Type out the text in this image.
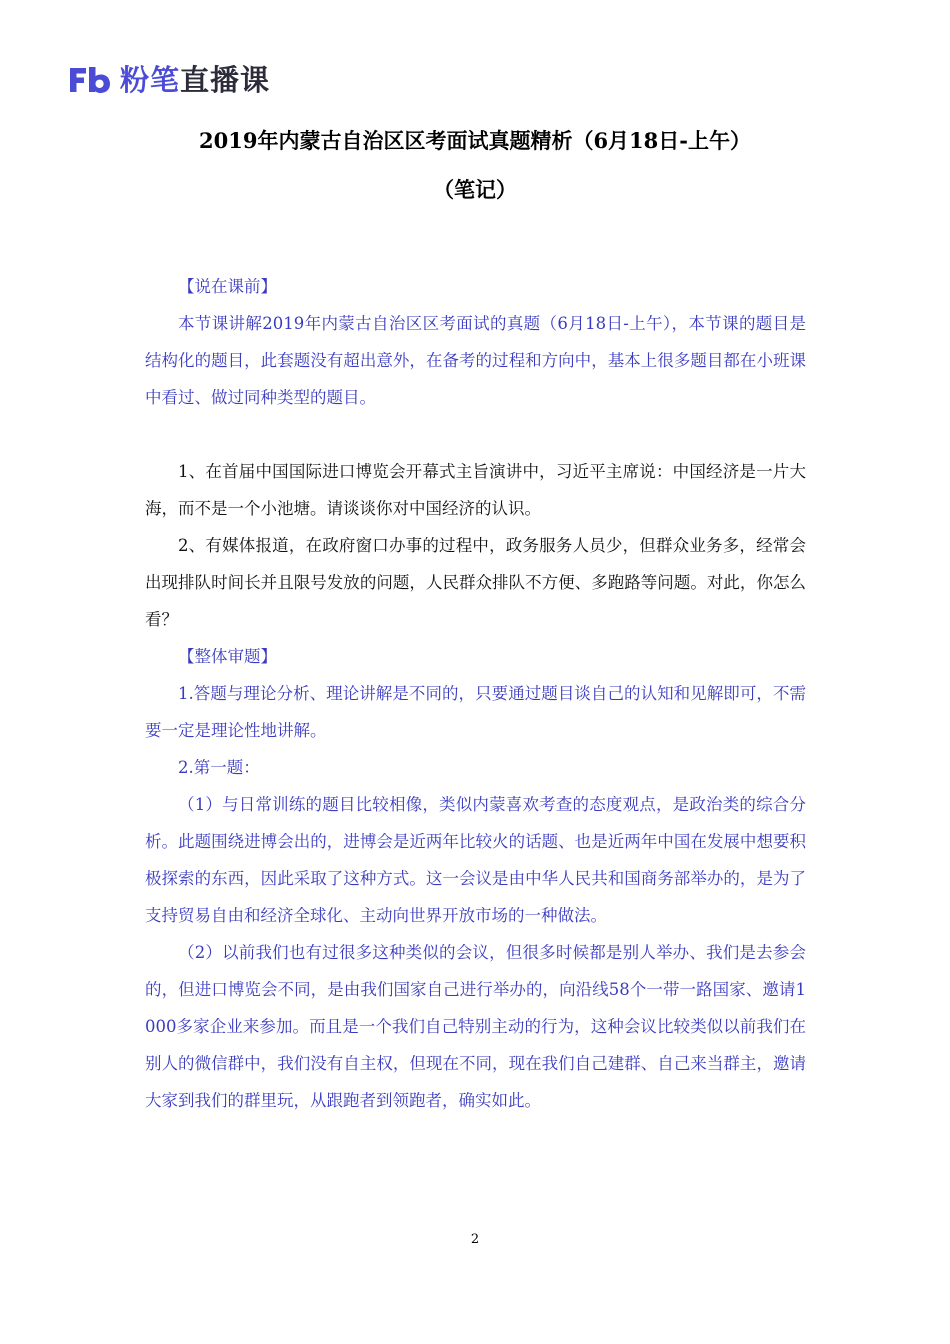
粉笔直播课
2019年内蒙古自治区区考面试真题精析（6月18日-上午）
（笔记）

【说在课前】

本节课讲解2019年内蒙古自治区区考面试的真题（6月18日-上午），本节课的题目是结构化的题目，此套题没有超出意外，在备考的过程和方向中，基本上很多题目都在小班课中看过、做过同种类型的题目。

1、在首届中国国际进口博览会开幕式主旨演讲中，习近平主席说：中国经济是一片大海，而不是一个小池塘。请谈谈你对中国经济的认识。

2、有媒体报道，在政府窗口办事的过程中，政务服务人员少，但群众业务多，经常会出现排队时间长并且限号发放的问题，人民群众排队不方便、多跑路等问题。对此，你怎么看？

【整体审题】

1.答题与理论分析、理论讲解是不同的，只要通过题目谈自己的认知和见解即可，不需要一定是理论性地讲解。

2.第一题：

（1）与日常训练的题目比较相像，类似内蒙喜欢考查的态度观点，是政治类的综合分析。此题围绕进博会出的，进博会是近两年比较火的话题、也是近两年中国在发展中想要积极探索的东西，因此采取了这种方式。这一会议是由中华人民共和国商务部举办的，是为了支持贸易自由和经济全球化、主动向世界开放市场的一种做法。

（2）以前我们也有过很多这种类似的会议，但很多时候都是别人举办、我们是去参会的，但进口博览会不同，是由我们国家自己进行举办的，向沿线58个一带一路国家、邀请1000多家企业来参加。而且是一个我们自己特别主动的行为，这种会议比较类似以前我们在别人的微信群中，我们没有自主权，但现在不同，现在我们自己建群、自己来当群主，邀请大家到我们的群里玩，从跟跑者到领跑者，确实如此。

2
